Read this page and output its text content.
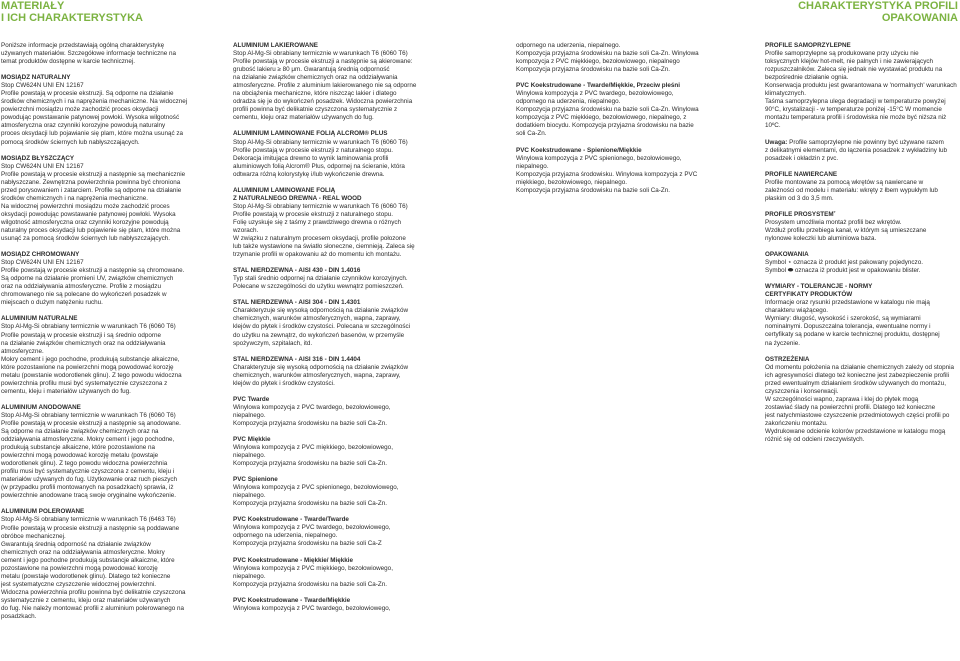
MATERIAŁY
I ICH CHARAKTERYSTYKA
CHARAKTERYSTYKA PROFILI
OPAKOWANIA
Poniższe informacje przedstawiają ogólną charakterystykę
używanych materiałów. Szczegółowe informacje techniczne na
temat produktów dostępne w karcie technicznej.
MOSIĄDZ NATURALNY
Stop CW624N UNI EN 12167
Profile powstają w procesie ekstruzji. Są odporne na działanie
środków chemicznych i na naprężenia mechaniczne. Na widocznej
powierzchni mosiądzu może zachodzić proces oksydacji
powodując powstawanie patynowej powłoki. Wysoka wilgotność
atmosferyczna oraz czynniki korozyjne powodują naturalny
proces oksydacji lub pojawianie się plam, które można usunąć za
pomocą środków ściernych lub nabłyszczających.
MOSIĄDZ BŁYSZCZĄCY
Stop CW624N UNI EN 12167
Profile powstają w procesie ekstruzji a następnie są mechanicznie
nabłyszczane. Zewnętrzna powierzchnia powinna być chroniona
przed porysowaniem i zatarciem. Profile są odporne na działanie
środków chemicznych i na naprężenia mechaniczne.
Na widocznej powierzchni mosiądzu może zachodzić proces
oksydacji powodując powstawanie patynowej powłoki. Wysoka
wilgotność atmosferyczna oraz czynniki korozyjne powodują
naturalny proces oksydacji lub pojawienie się plam, które można
usunąć za pomocą środków ściernych lub nabłyszczających.
MOSIĄDZ CHROMOWANY
Stop CW624N UNI EN 12167
Profile powstają w procesie ekstruzji a następnie są chromowane.
Są odporne na działanie promieni UV, związków chemicznych
oraz na oddziaływania atmosferyczne. Profile z mosiądzu
chromowanego nie są polecane do wykończeń posadzek w
miejscach o dużym natężeniu ruchu.
ALUMINIUM NATURALNE
Stop Al-Mg-Si obrabiany termicznie w warunkach T6 (6060 T6)
Profile powstają w procesie ekstruzji i są średnio odporne
na działanie związków chemicznych oraz na oddziaływania
atmosferyczne.
Mokry cement i jego pochodne, produkują substancje alkaiczne,
które pozostawione na powierzchni mogą powodować korozję
metalu (powstanie wodorotlenek glinu). Z tego powodu widoczna
powierzchnia profilu musi być systematycznie czyszczona z
cementu, kleju i materiałów używanych do fug.
ALUMINIUM ANODOWANE
Stop Al-Mg-Si obrabiany termicznie w warunkach T6 (6060 T6)
Profile powstają w procesie ekstruzji a następnie są anodowane.
Są odporne na działanie związków chemicznych oraz na
oddziaływania atmosferyczne. Mokry cement i jego pochodne,
produkują substancje alkaiczne, które pozostawione na
powierzchni mogą powodować korozję metalu (powstaje
wodorotlenek glinu). Z tego powodu widoczna powierzchnia
profilu musi być systematycznie czyszczona z cementu, kleju i
materiałów używanych do fug. Użytkowanie oraz ruch pieszych
(w przypadku profili montowanych na posadzkach) sprawia, iż
powierzchnie anodowane tracą swoje oryginalne wykończenie.
ALUMINIUM POLEROWANE
Stop Al-Mg-Si obrabiany termicznie w warunkach T6 (6463 T6)
Profile powstają w procesie ekstruzji a następnie są poddawane
obróbce mechanicznej.
Gwarantują średnią odporność na działanie związków
chemicznych oraz na oddziaływania atmosferyczne. Mokry
cement i jego pochodne produkują substancje alkaiczne, które
pozostawione na powierzchni mogą powodować korozję
metalu (powstaje wodorotlenek glinu). Dlatego też konieczne
jest systematyczne czyszczenie widocznej powierzchni.
Widoczna powierzchnia profilu powinna być delikatnie czyszczona
systematycznie z cementu, kleju oraz materiałów używanych
do fug. Nie należy montować profili z aluminium polerowanego na
posadzkach.
ALUMINIUM LAKIEROWANE
Stop Al-Mg-Si obrabiany termicznie w warunkach T6 (6060 T6)
Profile powstają w procesie ekstruzji a następnie są akierowane:
grubość lakieru ≥ 80 μm. Gwarantują średnią odporność
na działanie związków chemicznych oraz na oddziaływania
atmosferyczne. Profile z aluminium lakierowanego nie są odporne
na obciążenia mechaniczne, które niszcząc lakier i dlatego
odradza się je do wykończeń posadzek. Widoczna powierzchnia
profili powinna być delikatnie czyszczona systematycznie z
cementu, kleju oraz materiałów używanych do fug.
ALUMINIUM LAMINOWANE FOLIĄ ALCROM® PLUS
Stop Al-Mg-Si obrabiany termicznie w warunkach T6 (6060 T6)
Profile powstają w procesie ekstruzji z naturalnego stopu.
Dekoracja imitująca drewno to wynik laminowania profili
aluminiowych folią Alcrom® Plus, odpornej na ścieranie, która
odtwarza różną kolorystykę i/lub wykończenie drewna.
ALUMINIUM LAMINOWANE FOLIĄ
Z NATURALNEGO DREWNA - REAL WOOD
Stop Al-Mg-Si obrabiany termicznie w warunkach T6 (6060 T6)
Profile powstają w procesie ekstruzji z naturalnego stopu.
Folię uzyskuje się z taśmy z prawdziwego drewna o różnych
wzorach.
W związku z naturalnym procesem oksydacji, profile połozone
lub także wystawione na światło słoneczne, ciemnieją. Zaleca się
trzymanie profili w opakowaniu aż do momentu ich montażu.
STAL NIERDZEWNA - AISI 430 - DIN 1.4016
Typ stali średnio odpornej na działanie czynników korozyjnych.
Polecane w szczególności do użytku wewnątrz pomieszczeń.
STAL NIERDZEWNA - AISI 304 - DIN 1.4301
Charakteryzuje się wysoką odpornością na działanie związków
chemicznych, warunków atmosferycznych, wapna, zaprawy,
klejów do płytek i środków czystości. Polecana w szczególności
do użytku na zewnątrz, do wykończeń basenów, w przemyśle
spożywczym, szpitalach, itd.
STAL NIERDZEWNA - AISI 316 - DIN 1.4404
Charakteryzuje się wysoką odpornością na działanie związków
chemicznych, warunków atmosferycznych, wapna, zaprawy,
klejów do płytek i środków czystości.
PVC Twarde
Winylowa kompozycja z PVC twardego, bezołowiowego,
niepalnego.
Kompozycja przyjazna środowisku na bazie soli Ca-Zn.
PVC Miękkie
Winylowa kompozycja z PVC miękkiego, bezołowiowego,
niepalnego.
Kompozycja przyjazna środowisku na bazie soli Ca-Zn.
PVC Spienione
Winylowa kompozycja z PVC spienionego, bezołowiowego,
niepalnego.
Kompozycja przyjazna środowisku na bazie soli Ca-Zn.
PVC Koekstrudowane - Twarde/Twarde
Winylowa kompozycja z PVC twardego, bezołowiowego,
odpornego na uderzenia, niepalnego.
Kompozycja przyjazna środowisku na bazie soli Ca-Z
PVC Koekstrudowane - Miękkie/ Miękkie
Winylowa kompozycja z PVC miękkiego, bezołowiowego,
niepalnego.
Kompozycja przyjazna środowisku na bazie soli Ca-Zn.
PVC Koekstrudowane - Twarde/Miękkie
Winylowa kompozycja z PVC twardego, bezołowiowego,
odpornego na uderzenia, niepalnego.
Kompozycja przyjazna środowisku na bazie soli Ca-Zn. Winylowa
kompozycja z PVC miękkiego, bezołowiowego, niepalnego
Kompozycja przyjazna środowisku na bazie soli Ca-Zn.
PVC Koekstrudowane - Twarde/Miękkie, Przeciw pleśni
Winylowa kompozycja z PVC twardego, bezołowiowego,
odpornego na uderzenia, niepalnego.
Kompozycja przyjazna środowisku na bazie soli Ca-Zn. Winylowa
kompozycja z PVC miękkiego, bezołowiowego, niepalnego, z
dodatkiem biocydu. Kompozycja przyjazna środowisku na bazie
soli Ca-Zn.
PVC Koekstrudowane - Spienione/Miękkie
Winylowa kompozycja z PVC spienionego, bezołowiowego,
niepalnego.
Kompozycja przyjazna środowisku. Winylowa kompozycja z PVC
miękkiego, bezołowiowego, niepalnego.
Kompozycja przyjazna środowisku na bazie soli Ca-Zn.
PROFILE SAMOPRZYLEPNE
Profile samoprzylepne są produkowane przy użyciu nie
toksycznych klejów hot-melt, nie palnych i nie zawierających
rozpuszczalników. Zaleca się jednak nie wystawiać produktu na
bezpośrednie działanie ognia.
Konserwacja produktu jest gwarantowana w 'normalnych' warunkach
klimatycznych.
Taśma samoprzylepna ulega degradacji w temperaturze powyżej
90°C, krystalizacji - w temperaturze poniżej -15°C W momencie
montażu temperatura profili i środowiska nie może być niższa niż
10ºC.
Uwaga: Profile samoprzylepne nie powinny być używane razem
z delikatnymi elementami, do łączenia posadzek z wykładziny lub
posadzek i okładzin z pvc.
PROFILE NAWIERCANE
Profile montowane za pomocą wkrętów są nawiercane w
zależności od modelu i materiału: wkręty z łbem wypukłym lub
płaskim od 3 do 3,5 mm.
PROFILE PROSYSTEM˚
Prosystem umożliwia montaż profili bez wkrętów.
Wzdłuż profilu przebiega kanał, w którym są umieszczane
nylonowe koleczki lub aluminiowa baza.
OPAKOWANIA
Symbol ⋆ oznacza iż produkt jest pakowany pojedynczo.
Symbol ⬬ oznacza iż produkt jest w opakowaniu blister.
WYMIARY - TOLERANCJE - NORMY
CERTYFIKATY PRODUKTÓW
Informacje oraz rysunki przedstawione w katalogu nie mają
charakteru wiążącego.
Wymiary: długość, wysokość i szerokość, są wymiarami
nominalnymi. Dopuszczalna tolerancja, ewentualne normy i
certyfikaty są podane w karcie technicznej produktu, dostępnej
na życzenie.
OSTRZEŻENIA
Od momentu położenia na działanie chemicznych zależy od stopnia
ich agresywności dlatego też konieczne jest zabezpieczenie profili
przed ewentualnym działaniem środków używanych do montażu,
czyszczenia i konserwacji.
W szczególności wapno, zaprawa i klej do płytek mogą
zostawiać ślady na powierzchni profili. Dlatego też konieczne
jest natychmiastowe czyszczenie przedmiotowych części profili po
zakończeniu montażu.
Wydrukowane odcienie kolorów przedstawione w katalogu mogą
różnić się od odcieni rzeczywistych.
